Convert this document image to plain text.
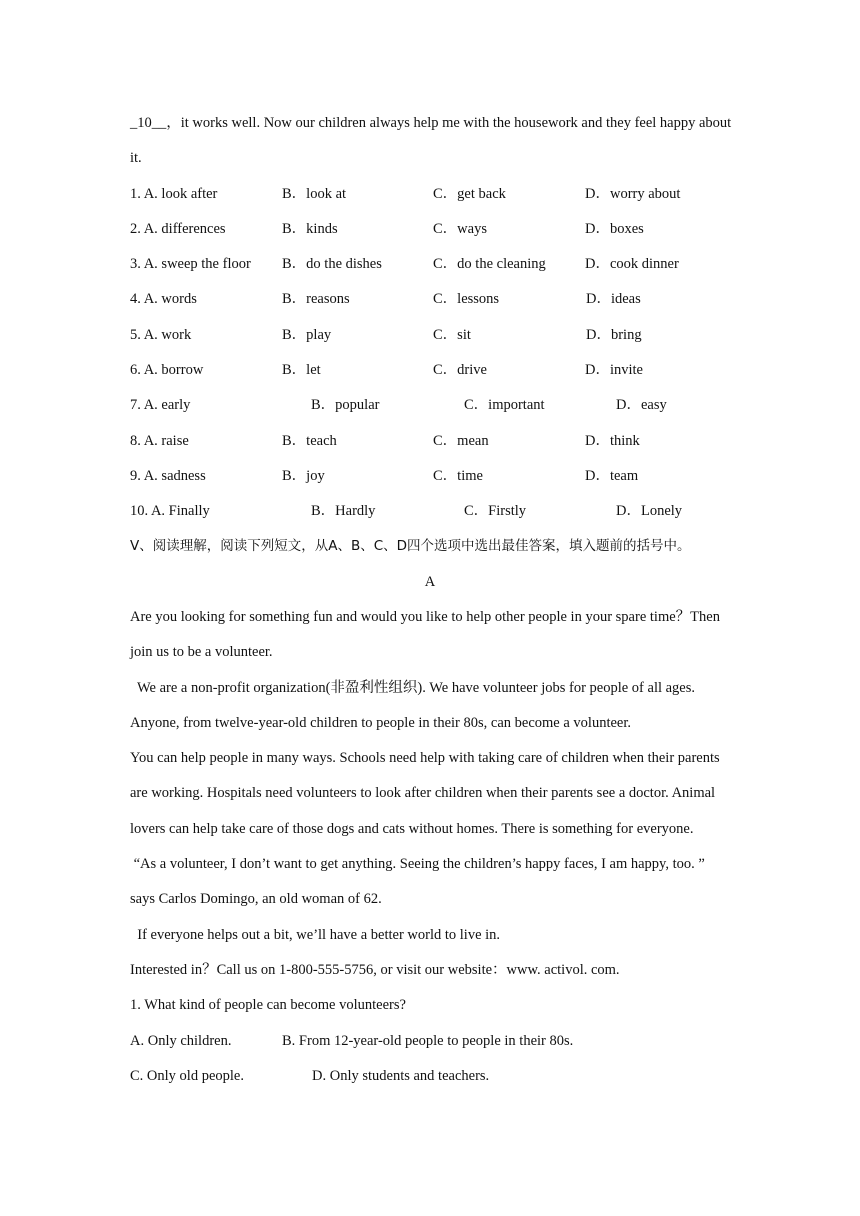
_10__，it works well. Now our children always help me with the housework and they feel happy about
it.
1. A. look after	B．look at	C．get back	D．worry about
2. A. differences	B．kinds	C．ways	D．boxes
3. A. sweep the floor B．do the dishes	C．do the cleaning	D．cook dinner
4. A. words	B．reasons	C．lessons	D．ideas
5. A. work	B．play	C．sit	D．bring
6. A. borrow	B．let	C．drive	D．invite
7. A. early	B．popular	C．important	D．easy
8. A. raise	B．teach	C．mean	D．think
9. A. sadness	B．joy	C．time	D．team
10. A. Finally	B．Hardly	C．Firstly	D．Lonely
Ⅴ、阅读理解，阅读下列短文，从A、B、C、D四个选项中选出最佳答案，填入题前的括号中。
A
Are you looking for something fun and would you like to help other people in your spare time？Then
join us to be a volunteer.
We are a non-profit organization(非盈利性组织). We have volunteer jobs for people of all ages.
Anyone, from twelve-year-old children to people in their 80s, can become a volunteer.
You can help people in many ways. Schools need help with taking care of children when their parents
are working. Hospitals need volunteers to look after children when their parents see a doctor. Animal
lovers can help take care of those dogs and cats without homes. There is something for everyone.
“As a volunteer, I don’t want to get anything. Seeing the children’s happy faces, I am happy, too. ”
says Carlos Domingo, an old woman of 62.
If everyone helps out a bit, we’ll have a better world to live in.
Interested in？Call us on 1-800-555-5756, or visit our website：www. activol. com.
1. What kind of people can become volunteers?
A. Only children.	B. From 12-year-old people to people in their 80s.
C. Only old people.	D. Only students and teachers.
